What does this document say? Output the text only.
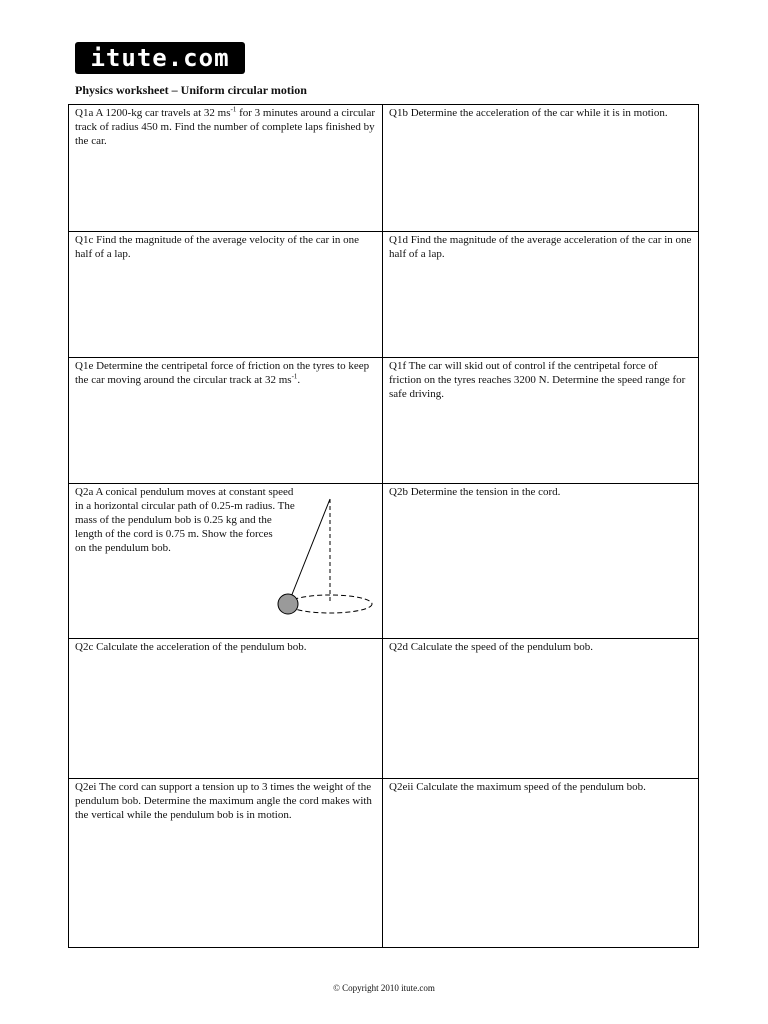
itute.com
Physics worksheet – Uniform circular motion
Q1a A 1200-kg car travels at 32 $ms^{-1}$ for 3 minutes around a circular track of radius 450 m. Find the number of complete laps finished by the car.	Q1b Determine the acceleration of the car while it is in motion.

Q1c Find the magnitude of the average velocity of the car in one half of a lap.	Q1d Find the magnitude of the average acceleration of the car in one half of a lap.

Q1e Determine the centripetal force of friction on the tyres to keep the car moving around the circular track at 32 $ms^{-1}$.	Q1f The car will skid out of control if the centripetal force of friction on the tyres reaches 3200 N. Determine the speed range for safe driving.

Q2a A conical pendulum moves at constant speed
in a horizontal circular path of 0.25-m radius. The
mass of the pendulum bob is 0.25 kg and the
length of the cord is 0.75 m. Show the forces
on the pendulum bob.	Q2b Determine the tension in the cord.

Q2c Calculate the acceleration of the pendulum bob.	Q2d Calculate the speed of the pendulum bob.

Q2ei The cord can support a tension up to 3 times the weight of the pendulum bob. Determine the maximum angle the cord makes with the vertical while the pendulum bob is in motion.	Q2eii Calculate the maximum speed of the pendulum bob.
© Copyright 2010 itute.com
